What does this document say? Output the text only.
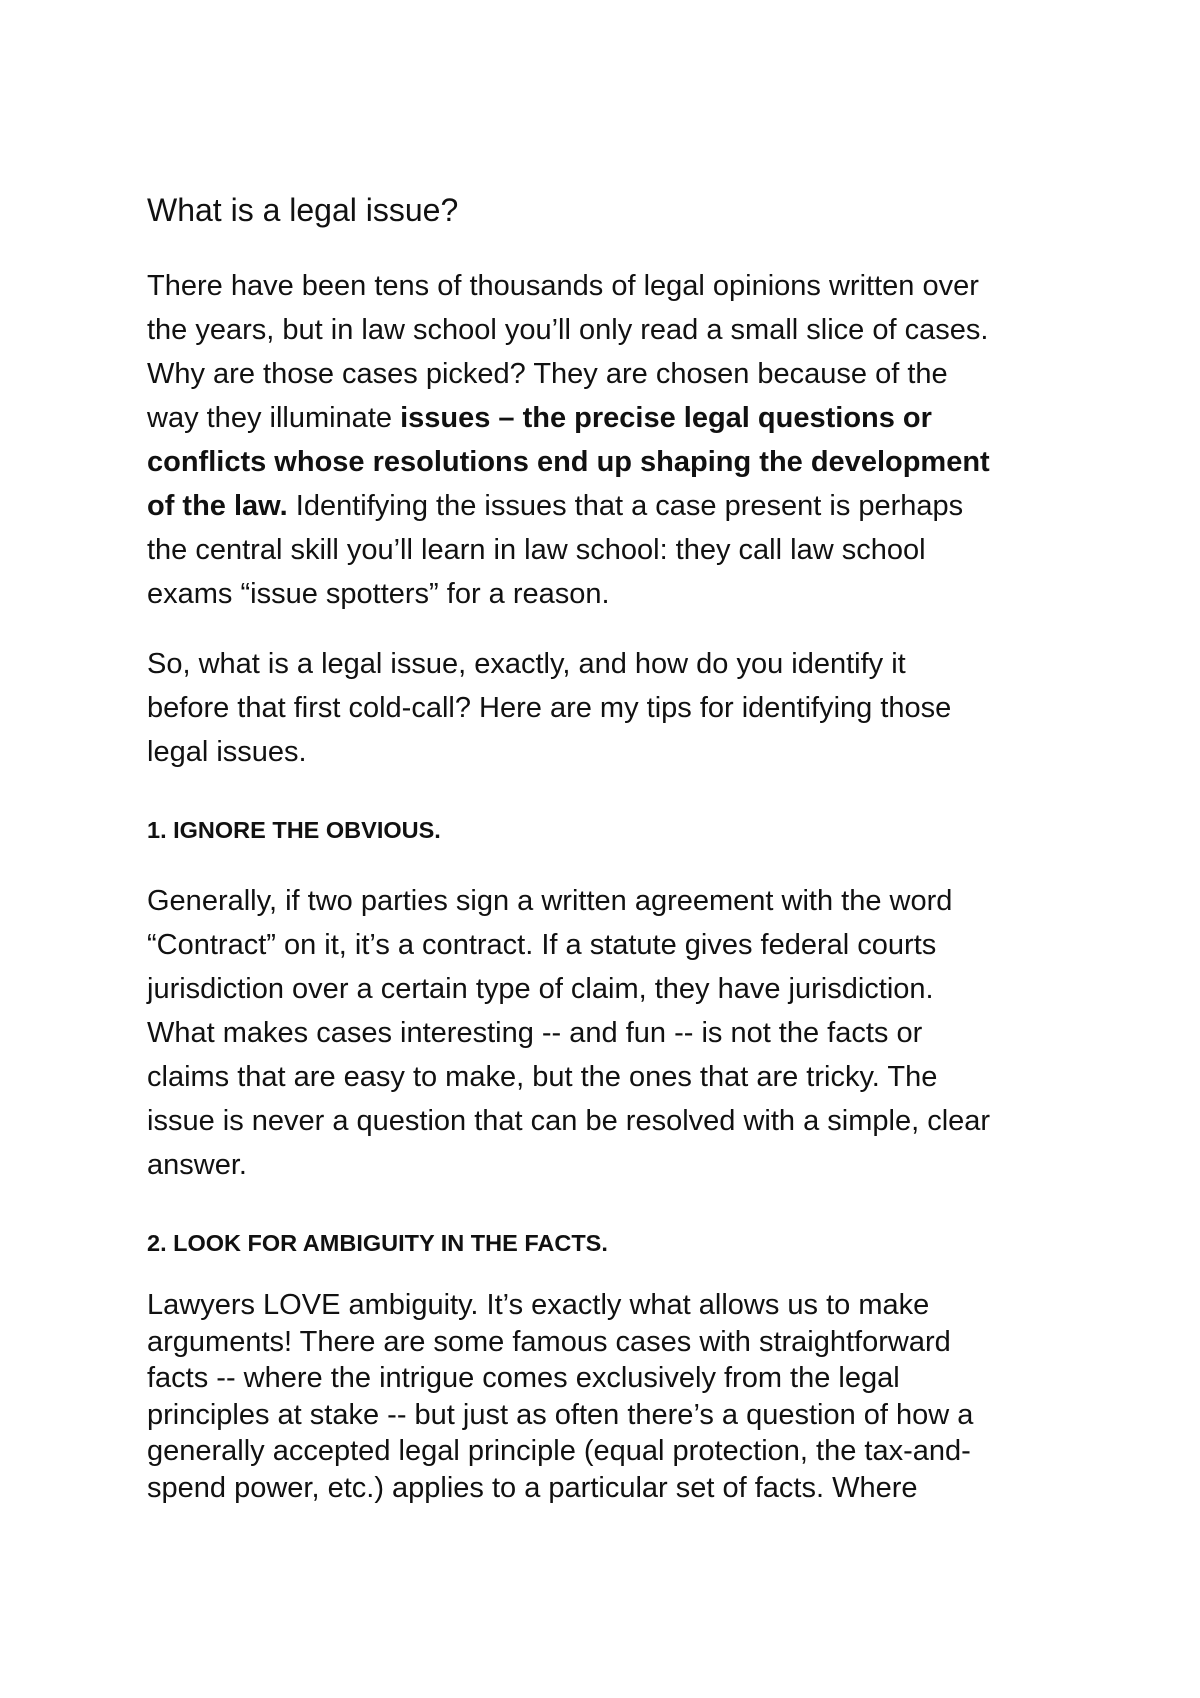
What is a legal issue?

There have been tens of thousands of legal opinions written over
the years, but in law school you’ll only read a small slice of cases.
Why are those cases picked? They are chosen because of the
way they illuminate issues – the precise legal questions or
conflicts whose resolutions end up shaping the development
of the law. Identifying the issues that a case present is perhaps
the central skill you’ll learn in law school: they call law school
exams “issue spotters” for a reason.

So, what is a legal issue, exactly, and how do you identify it
before that first cold-call? Here are my tips for identifying those
legal issues.

1. IGNORE THE OBVIOUS.

Generally, if two parties sign a written agreement with the word
“Contract” on it, it’s a contract. If a statute gives federal courts
jurisdiction over a certain type of claim, they have jurisdiction.
What makes cases interesting -- and fun -- is not the facts or
claims that are easy to make, but the ones that are tricky. The
issue is never a question that can be resolved with a simple, clear
answer.

2. LOOK FOR AMBIGUITY IN THE FACTS.

Lawyers LOVE ambiguity. It’s exactly what allows us to make
arguments! There are some famous cases with straightforward
facts -- where the intrigue comes exclusively from the legal
principles at stake -- but just as often there’s a question of how a
generally accepted legal principle (equal protection, the tax-and-
spend power, etc.) applies to a particular set of facts. Where
